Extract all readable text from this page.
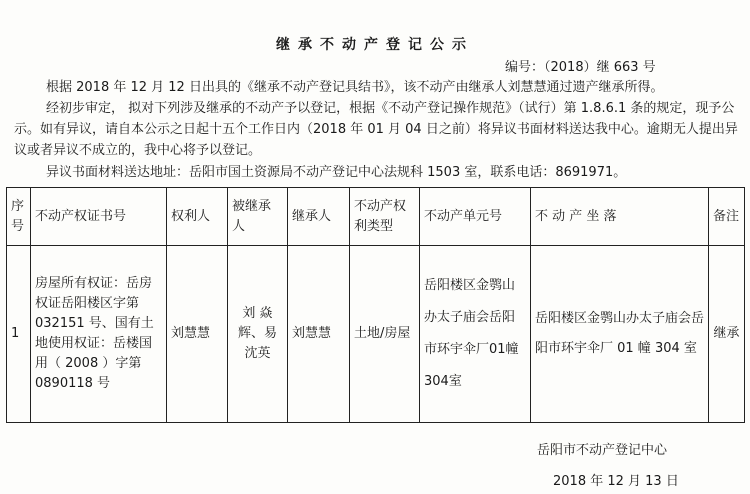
继承不动产登记公示
编号：（2018）继 663 号
根据 2018 年 12 月 12 日出具的《继承不动产登记具结书》，该不动产由继承人刘慧慧通过遗产继承所得。
经初步审定， 拟对下列涉及继承的不动产予以登记，根据《不动产登记操作规范》（试行）第 1.8.6.1 条的规定，现予公示。如有异议，请自本公示之日起十五个工作日内（2018 年 01 月 04 日之前）将异议书面材料送达我中心。逾期无人提出异议或者异议不成立的，我中心将予以登记。
异议书面材料送达地址：岳阳市国土资源局不动产登记中心法规科 1503 室，联系电话：8691971。
序号	不动产权证书号	权利人	被继承人	继承人	不动产权利类型	不动产单元号	不 动 产 坐 落	备注
1	房屋所有权证：岳房权证岳阳楼区字第 032151 号、国有土地使用权证：岳楼国用（ 2008 ）字第 0890118 号	刘慧慧	刘 焱辉、易沈英	刘慧慧	土地/房屋	岳阳楼区金鹗山办太子庙会岳阳市环宇伞厂01幢 304室	岳阳楼区金鹗山办太子庙会岳阳市环宇伞厂 01 幢 304 室	继承
岳阳市不动产登记中心
2018 年 12 月 13 日
